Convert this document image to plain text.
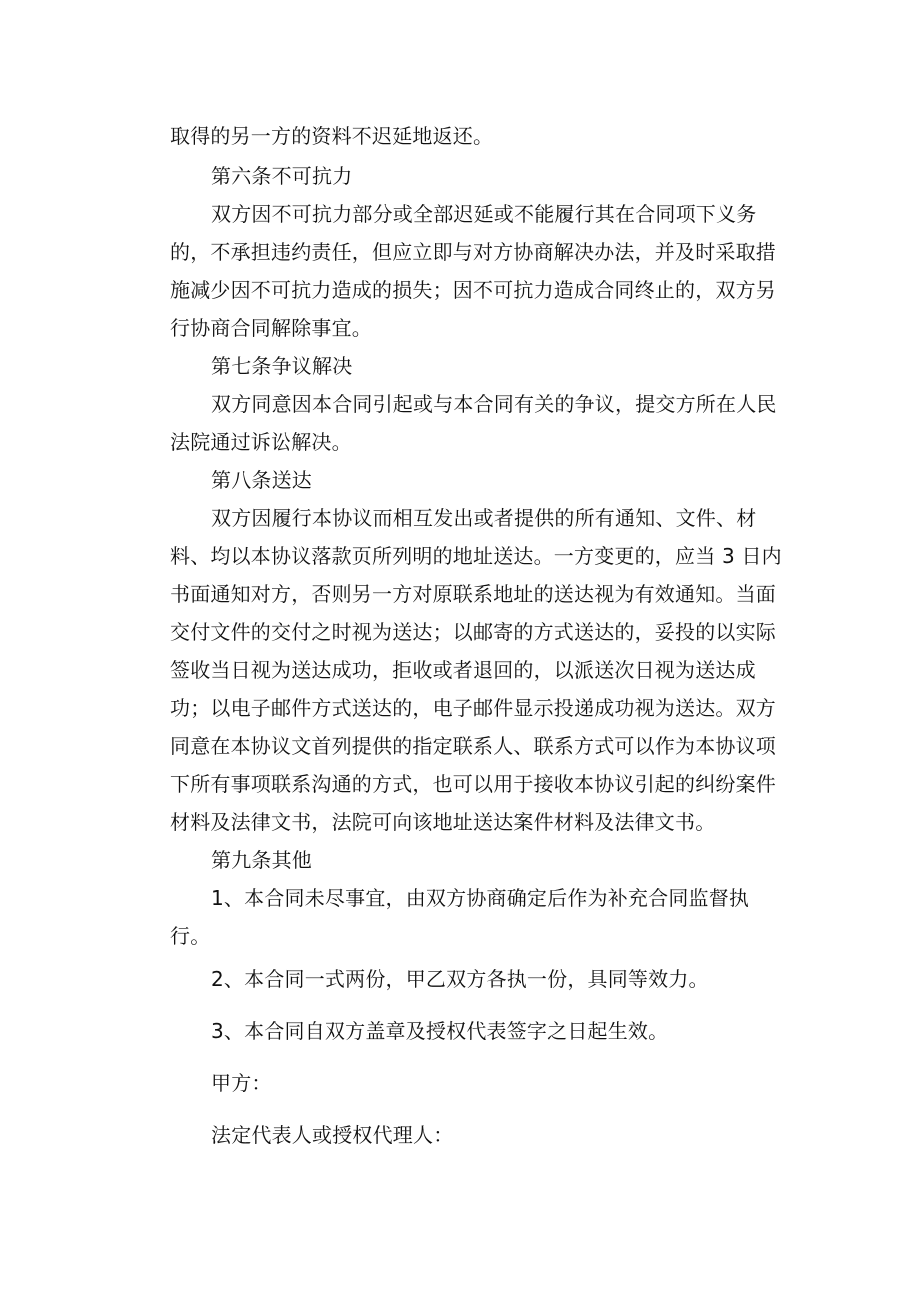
取得的另一方的资料不迟延地返还。
第六条不可抗力
双方因不可抗力部分或全部迟延或不能履行其在合同项下义务
的，不承担违约责任，但应立即与对方协商解决办法，并及时采取措
施减少因不可抗力造成的损失；因不可抗力造成合同终止的，双方另
行协商合同解除事宜。
第七条争议解决
双方同意因本合同引起或与本合同有关的争议，提交方所在人民
法院通过诉讼解决。
第八条送达
双方因履行本协议而相互发出或者提供的所有通知、文件、材
料、均以本协议落款页所列明的地址送达。一方变更的，应当 3 日内
书面通知对方，否则另一方对原联系地址的送达视为有效通知。当面
交付文件的交付之时视为送达；以邮寄的方式送达的，妥投的以实际
签收当日视为送达成功，拒收或者退回的，以派送次日视为送达成
功；以电子邮件方式送达的，电子邮件显示投递成功视为送达。双方
同意在本协议文首列提供的指定联系人、联系方式可以作为本协议项
下所有事项联系沟通的方式，也可以用于接收本协议引起的纠纷案件
材料及法律文书，法院可向该地址送达案件材料及法律文书。
第九条其他
1、本合同未尽事宜，由双方协商确定后作为补充合同监督执
行。
2、本合同一式两份，甲乙双方各执一份，具同等效力。
3、本合同自双方盖章及授权代表签字之日起生效。
甲方：
法定代表人或授权代理人：
